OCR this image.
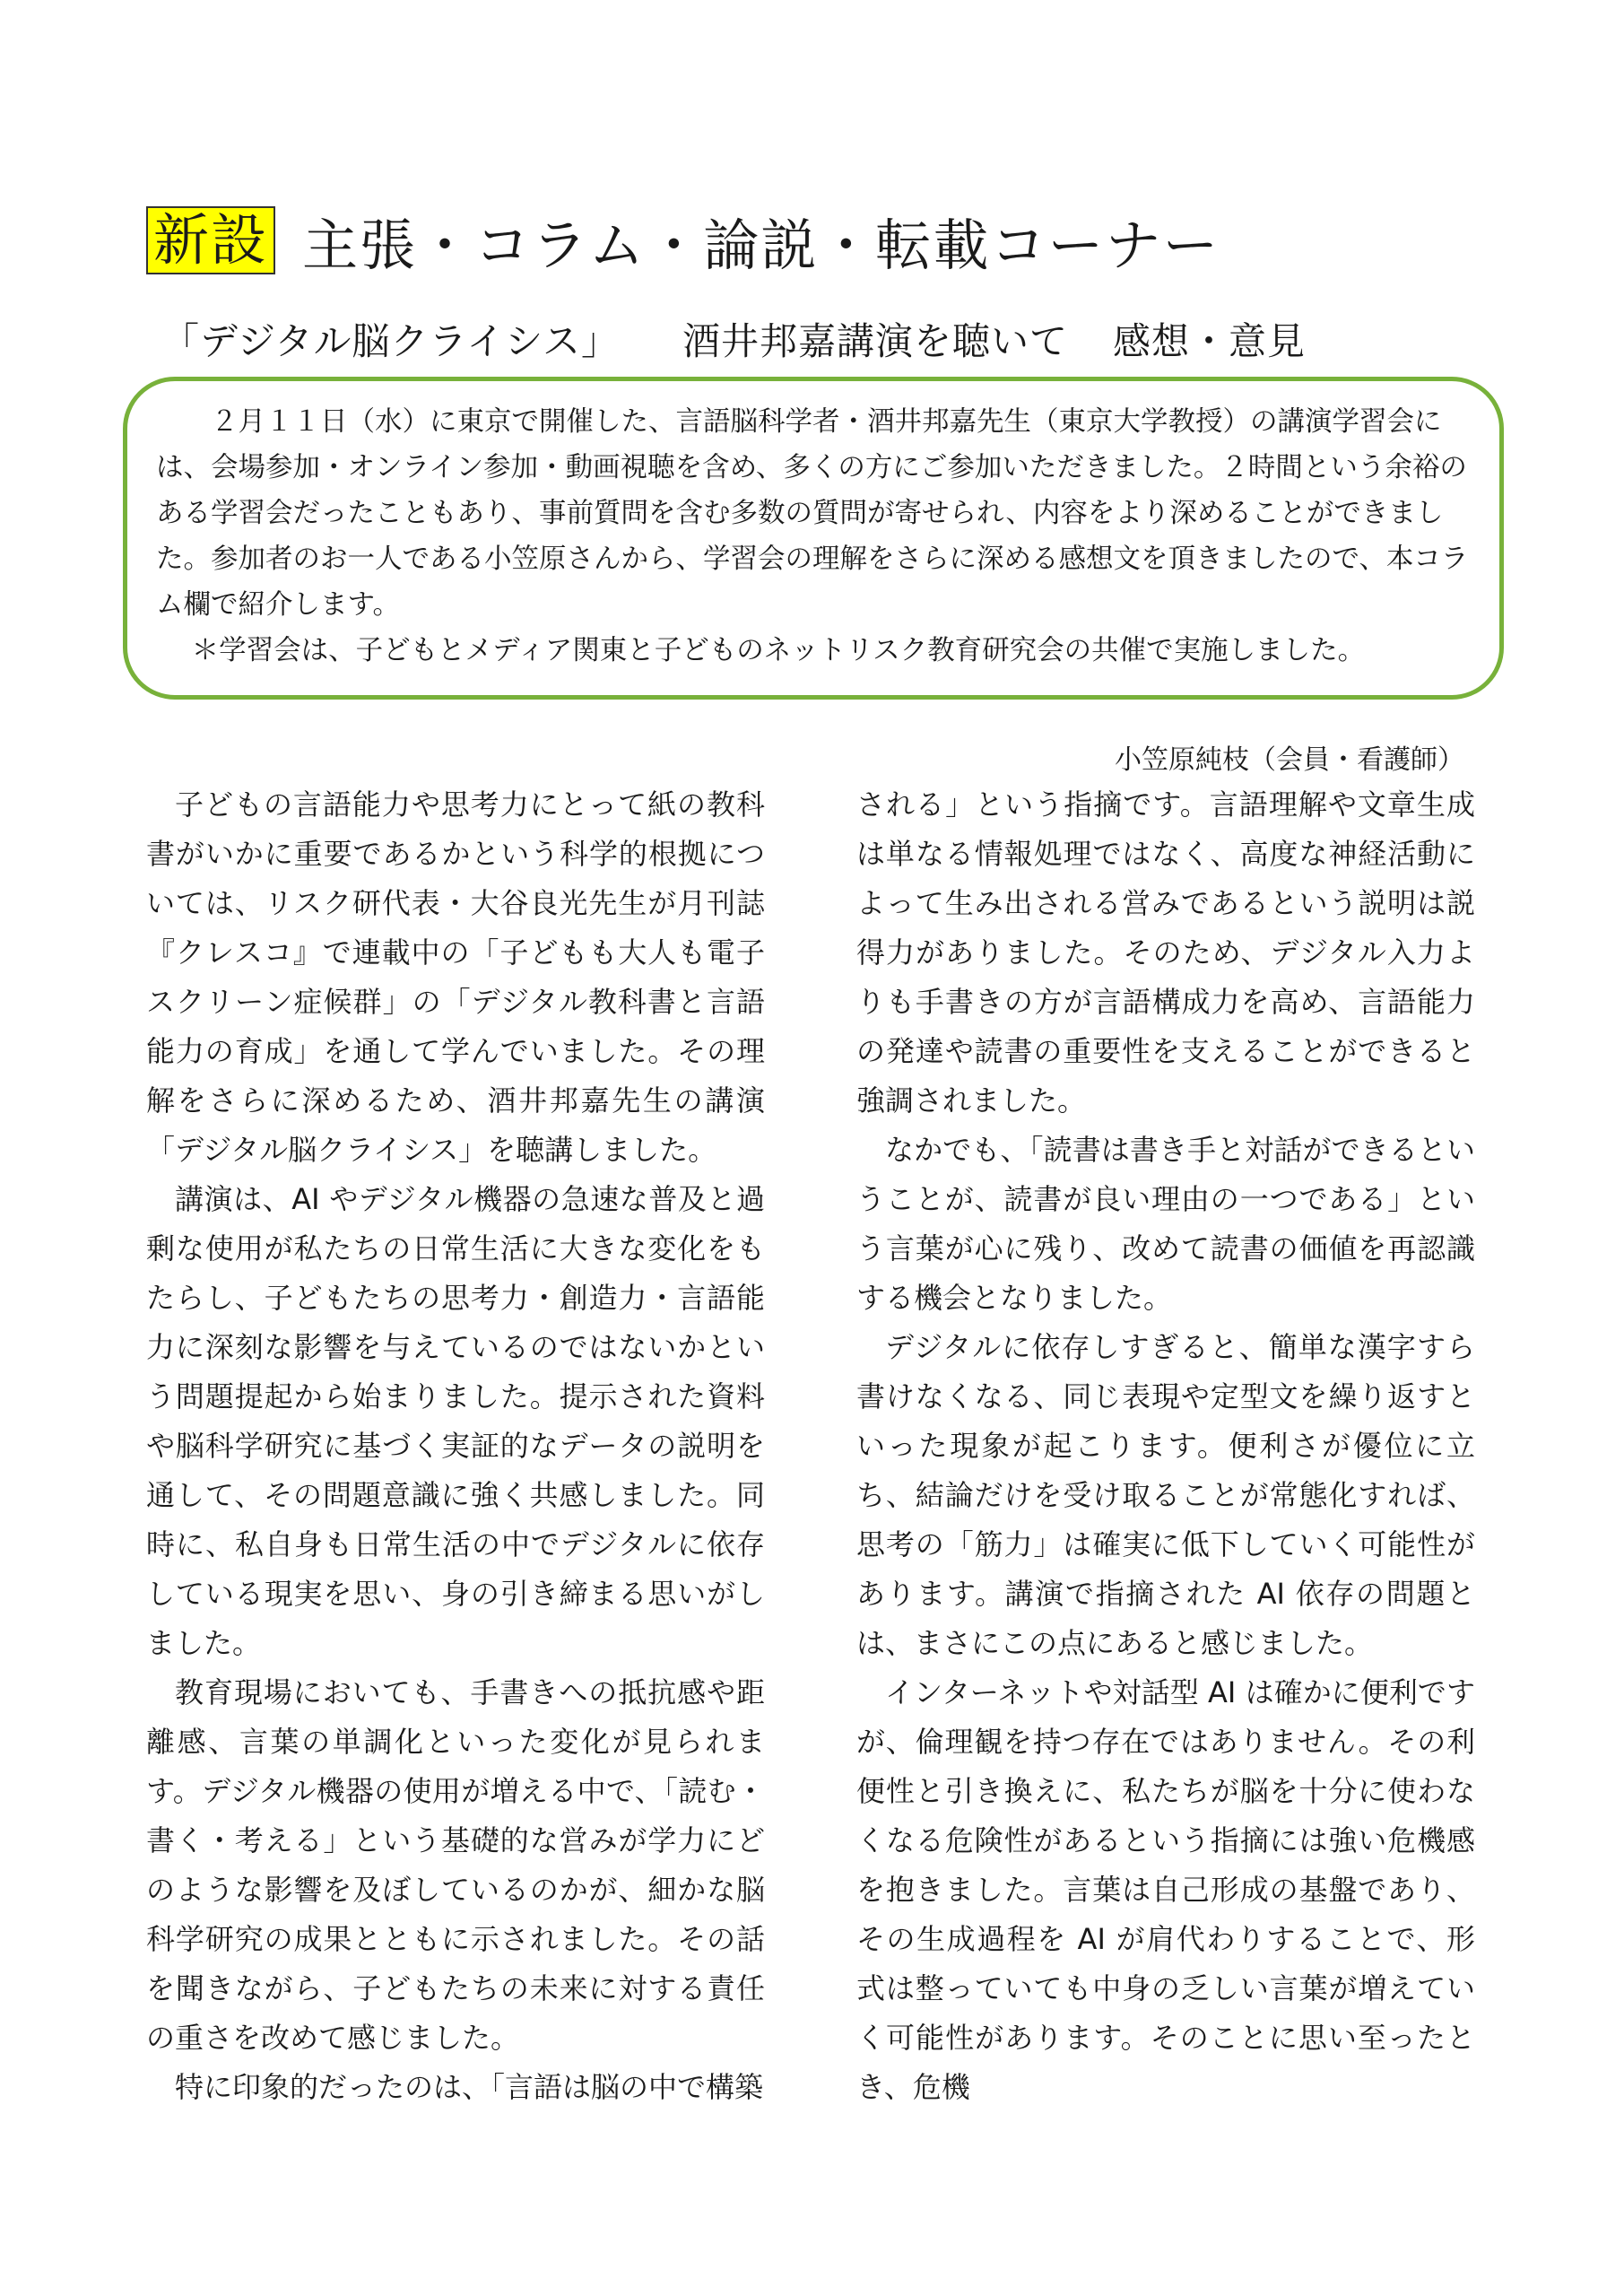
新設 主張・コラム・論説・転載コーナー
「デジタル脳クライシス」 酒井邦嘉講演を聴いて 感想・意見

２月１１日（水）に東京で開催した、言語脳科学者・酒井邦嘉先生（東京大学教授）の講演学習会には、会場参加・オンライン参加・動画視聴を含め、多くの方にご参加いただきました。２時間という余裕のある学習会だったこともあり、事前質問を含む多数の質問が寄せられ、内容をより深めることができました。参加者のお一人である小笠原さんから、学習会の理解をさらに深める感想文を頂きましたので、本コラム欄で紹介します。

＊学習会は、子どもとメディア関東と子どものネットリスク教育研究会の共催で実施しました。

小笠原純枝（会員・看護師）

子どもの言語能力や思考力にとって紙の教科書がいかに重要であるかという科学的根拠については、リスク研代表・大谷良光先生が月刊誌『クレスコ』で連載中の「子どもも大人も電子スクリーン症候群」の「デジタル教科書と言語能力の育成」を通して学んでいました。その理解をさらに深めるため、酒井邦嘉先生の講演「デジタル脳クライシス」を聴講しました。

講演は、AI やデジタル機器の急速な普及と過剰な使用が私たちの日常生活に大きな変化をもたらし、子どもたちの思考力・創造力・言語能力に深刻な影響を与えているのではないかという問題提起から始まりました。提示された資料や脳科学研究に基づく実証的なデータの説明を通して、その問題意識に強く共感しました。同時に、私自身も日常生活の中でデジタルに依存している現実を思い、身の引き締まる思いがしました。

教育現場においても、手書きへの抵抗感や距離感、言葉の単調化といった変化が見られます。デジタル機器の使用が増える中で、「読む・書く・考える」という基礎的な営みが学力にどのような影響を及ぼしているのかが、細かな脳科学研究の成果とともに示されました。その話を聞きながら、子どもたちの未来に対する責任の重さを改めて感じました。

特に印象的だったのは、「言語は脳の中で構築

される」という指摘です。言語理解や文章生成は単なる情報処理ではなく、高度な神経活動によって生み出される営みであるという説明は説得力がありました。そのため、デジタル入力よりも手書きの方が言語構成力を高め、言語能力の発達や読書の重要性を支えることができると強調されました。

なかでも、「読書は書き手と対話ができるということが、読書が良い理由の一つである」という言葉が心に残り、改めて読書の価値を再認識する機会となりました。

デジタルに依存しすぎると、簡単な漢字すら書けなくなる、同じ表現や定型文を繰り返すといった現象が起こります。便利さが優位に立ち、結論だけを受け取ることが常態化すれば、思考の「筋力」は確実に低下していく可能性があります。講演で指摘された AI 依存の問題とは、まさにこの点にあると感じました。

インターネットや対話型 AI は確かに便利ですが、倫理観を持つ存在ではありません。その利便性と引き換えに、私たちが脳を十分に使わなくなる危険性があるという指摘には強い危機感を抱きました。言葉は自己形成の基盤であり、その生成過程を AI が肩代わりすることで、形式は整っていても中身の乏しい言葉が増えていく可能性があります。そのことに思い至ったとき、危機
